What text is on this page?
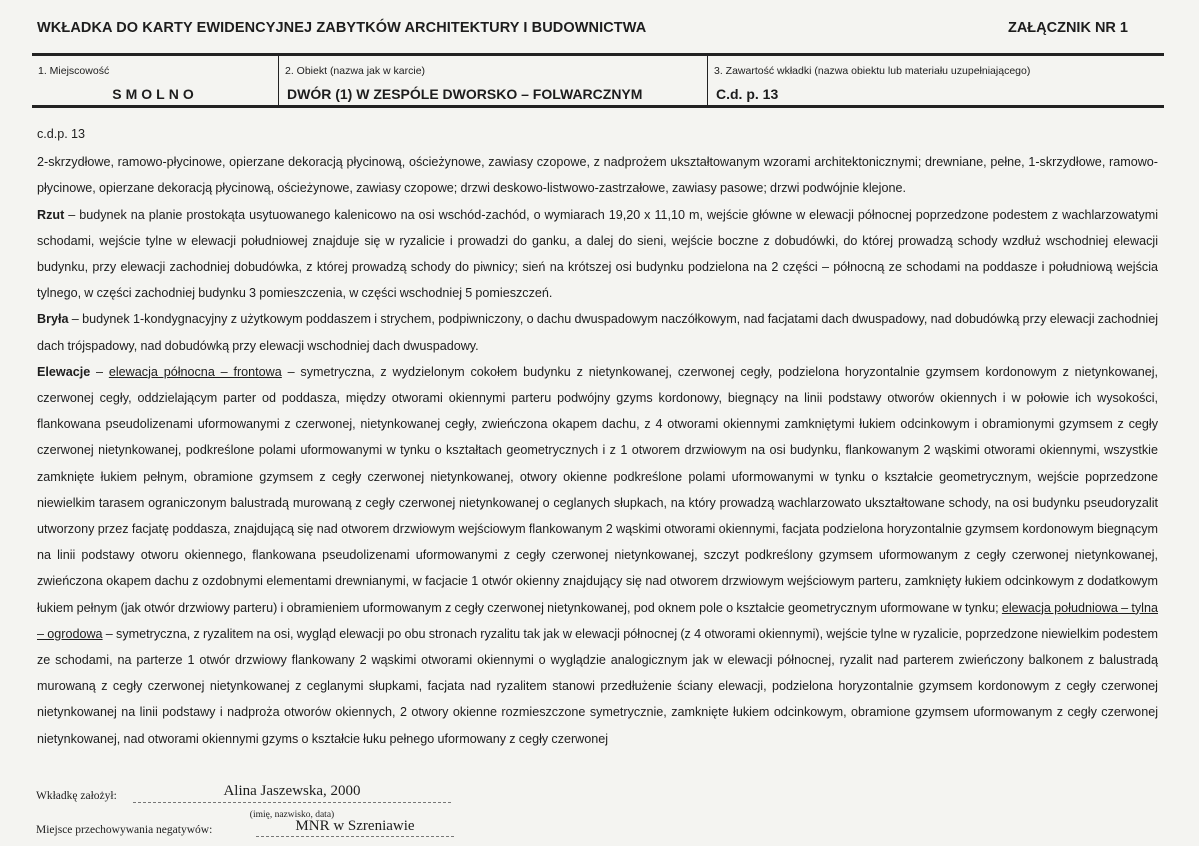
WKŁADKA DO KARTY EWIDENCYJNEJ ZABYTKÓW ARCHITEKTURY I BUDOWNICTWA	ZAŁĄCZNIK NR 1
1. Miejscowość
SMOLNO
2. Obiekt (nazwa jak w karcie)
DWÓR (1) W ZESPÓLE DWORSKO – FOLWARCZNYM
3. Zawartość wkładki (nazwa obiektu lub materiału uzupełniającego)
C.d. p. 13

c.d.p. 13

2-skrzydłowe, ramowo-płycinowe, opierzane dekoracją płycinową, ościeżynowe, zawiasy czopowe, z nadprożem ukształtowanym wzorami architektonicznymi; drewniane, pełne, 1-skrzydłowe, ramowo-płycinowe, opierzane dekoracją płycinową, ościeżynowe, zawiasy czopowe; drzwi deskowo-listwowo-zastrzałowe, zawiasy pasowe; drzwi podwójnie klejone.

Rzut – budynek na planie prostokąta usytuowanego kalenicowo na osi wschód-zachód, o wymiarach 19,20 x 11,10 m, wejście główne w elewacji północnej poprzedzone podestem z wachlarzowatymi schodami, wejście tylne w elewacji południowej znajduje się w ryzalicie i prowadzi do ganku, a dalej do sieni, wejście boczne z dobudówki, do której prowadzą schody wzdłuż wschodniej elewacji budynku, przy elewacji zachodniej dobudówka, z której prowadzą schody do piwnicy; sień na krótszej osi budynku podzielona na 2 części – północną ze schodami na poddasze i południową wejścia tylnego, w części zachodniej budynku 3 pomieszczenia, w części wschodniej 5 pomieszczeń.

Bryła – budynek 1-kondygnacyjny z użytkowym poddaszem i strychem, podpiwniczony, o dachu dwuspadowym naczółkowym, nad facjatami dach dwuspadowy, nad dobudówką przy elewacji zachodniej dach trójspadowy, nad dobudówką przy elewacji wschodniej dach dwuspadowy.

Elewacje – elewacja północna – frontowa – symetryczna, z wydzielonym cokołem budynku z nietynkowanej, czerwonej cegły, podzielona horyzontalnie gzymsem kordonowym z nietynkowanej, czerwonej cegły, oddzielającym parter od poddasza, między otworami okiennymi parteru podwójny gzyms kordonowy, biegnący na linii podstawy otworów okiennych i w połowie ich wysokości, flankowana pseudolizenami uformowanymi z czerwonej, nietynkowanej cegły, zwieńczona okapem dachu, z 4 otworami okiennymi zamkniętymi łukiem odcinkowym i obramionymi gzymsem z cegły czerwonej nietynkowanej, podkreślone polami uformowanymi w tynku o kształtach geometrycznych i z 1 otworem drzwiowym na osi budynku, flankowanym 2 wąskimi otworami okiennymi, wszystkie zamknięte łukiem pełnym, obramione gzymsem z cegły czerwonej nietynkowanej, otwory okienne podkreślone polami uformowanymi w tynku o kształcie geometrycznym, wejście poprzedzone niewielkim tarasem ograniczonym balustradą murowaną z cegły czerwonej nietynkowanej o ceglanych słupkach, na który prowadzą wachlarzowato ukształtowane schody, na osi budynku pseudoryzalit utworzony przez facjatę poddasza, znajdującą się nad otworem drzwiowym wejściowym flankowanym 2 wąskimi otworami okiennymi, facjata podzielona horyzontalnie gzymsem kordonowym biegnącym na linii podstawy otworu okiennego, flankowana pseudolizenami uformowanymi z cegły czerwonej nietynkowanej, szczyt podkreślony gzymsem uformowanym z cegły czerwonej nietynkowanej, zwieńczona okapem dachu z ozdobnymi elementami drewnianymi, w facjacie 1 otwór okienny znajdujący się nad otworem drzwiowym wejściowym parteru, zamknięty łukiem odcinkowym z dodatkowym łukiem pełnym (jak otwór drzwiowy parteru) i obramieniem uformowanym z cegły czerwonej nietynkowanej, pod oknem pole o kształcie geometrycznym uformowane w tynku; elewacja południowa – tylna – ogrodowa – symetryczna, z ryzalitem na osi, wygląd elewacji po obu stronach ryzalitu tak jak w elewacji północnej (z 4 otworami okiennymi), wejście tylne w ryzalicie, poprzedzone niewielkim podestem ze schodami, na parterze 1 otwór drzwiowy flankowany 2 wąskimi otworami okiennymi o wyglądzie analogicznym jak w elewacji północnej, ryzalit nad parterem zwieńczony balkonem z balustradą murowaną z cegły czerwonej nietynkowanej z ceglanymi słupkami, facjata nad ryzalitem stanowi przedłużenie ściany elewacji, podzielona horyzontalnie gzymsem kordonowym z cegły czerwonej nietynkowanej na linii podstawy i nadproża otworów okiennych, 2 otwory okienne rozmieszczone symetrycznie, zamknięte łukiem odcinkowym, obramione gzymsem uformowanym z cegły czerwonej nietynkowanej, nad otworami okiennymi gzyms o kształcie łuku pełnego uformowany z cegły czerwonej

Wkładkę założył:	Alina Jaszewska, 2000
(imię, nazwisko, data)
Miejsce przechowywania negatywów:	MNR w Szreniawie
